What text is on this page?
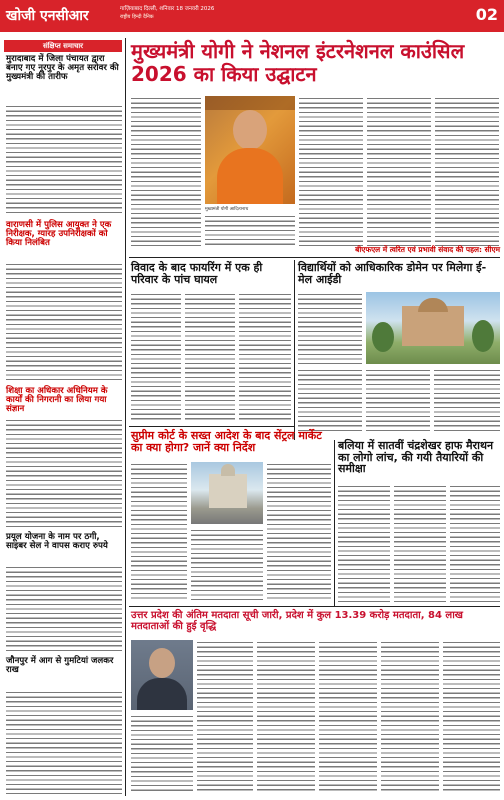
खोजी एनसीआर	गाज़ियाबाद दिल्ली, शनिवार 18 जनवरी 2026
राष्ट्रीय हिन्दी दैनिक	02
संक्षिप्त समाचार
मुरादाबाद में जिला पंचायत द्वारा बनाए गए नूरपुर के अमृत सरोवर की मुख्यमंत्री की तारीफ
वाराणसी में पुलिस आयुक्त ने एक निरीक्षक, ग्यारह उपनिरीक्षकों को किया निलंबित
शिक्षा का अधिकार अधिनियम के कार्यों की निगरानी का लिया गया संज्ञान
प्रयूल योजना के नाम पर ठगी, साइबर सेल ने वापस कराए रुपये
जौनपुर में आग से गुमटियां जलकर राख
मुख्यमंत्री योगी ने नेशनल इंटरनेशनल काउंसिल 2026 का किया उद्घाटन
मुख्यमंत्री योगी आदित्यनाथ
बीएफएल में त्वरित एवं प्रभावी संवाद की पहल: सीएम
विवाद के बाद फायरिंग में एक ही परिवार के पांच घायल
विद्यार्थियों को आधिकारिक डोमेन पर मिलेगा ई-मेल आईडी
सुप्रीम कोर्ट के सख्त आदेश के बाद सेंट्रल मार्केट का क्या होगा? जानें क्या निर्देश	बलिया में सातवीं चंद्रशेखर हाफ मैराथन का लोगो लांच, की गयी तैयारियों की समीक्षा
उत्तर प्रदेश की अंतिम मतदाता सूची जारी, प्रदेश में कुल 13.39 करोड़ मतदाता, 84 लाख मतदाताओं की हुई वृद्धि
